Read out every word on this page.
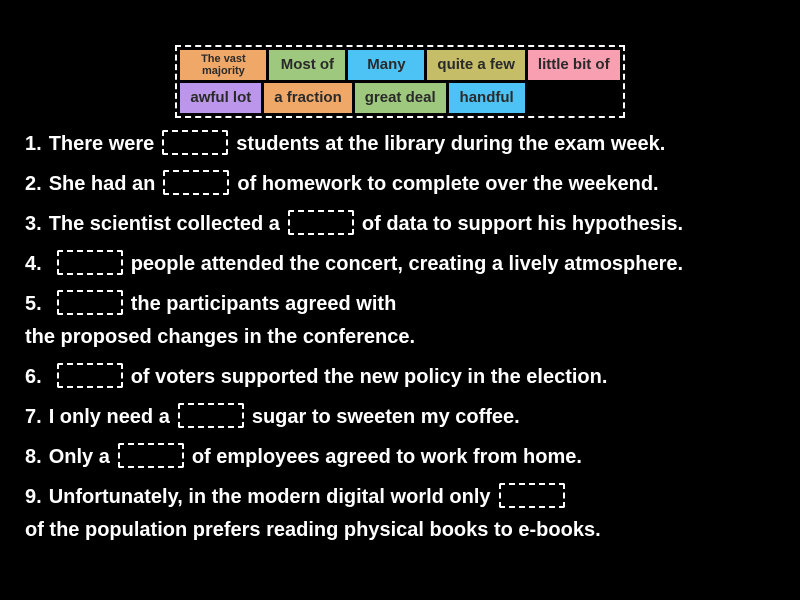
The vast majority	Most of	Many	quite a few	little bit of
awful lot	a fraction	great deal	handful
1. There were	students at the library during the exam week.
2. She had an	of homework to complete over the weekend.
3. The scientist collected a	of data to support his hypothesis.
4.	people attended the concert, creating a lively atmosphere.
5.	the participants agreed with
the proposed changes in the conference.
6.	of voters supported the new policy in the election.
7. I only need a	sugar to sweeten my coffee.
8. Only a	of employees agreed to work from home.
9. Unfortunately, in the modern digital world only
of the population prefers reading physical books to e-books.
